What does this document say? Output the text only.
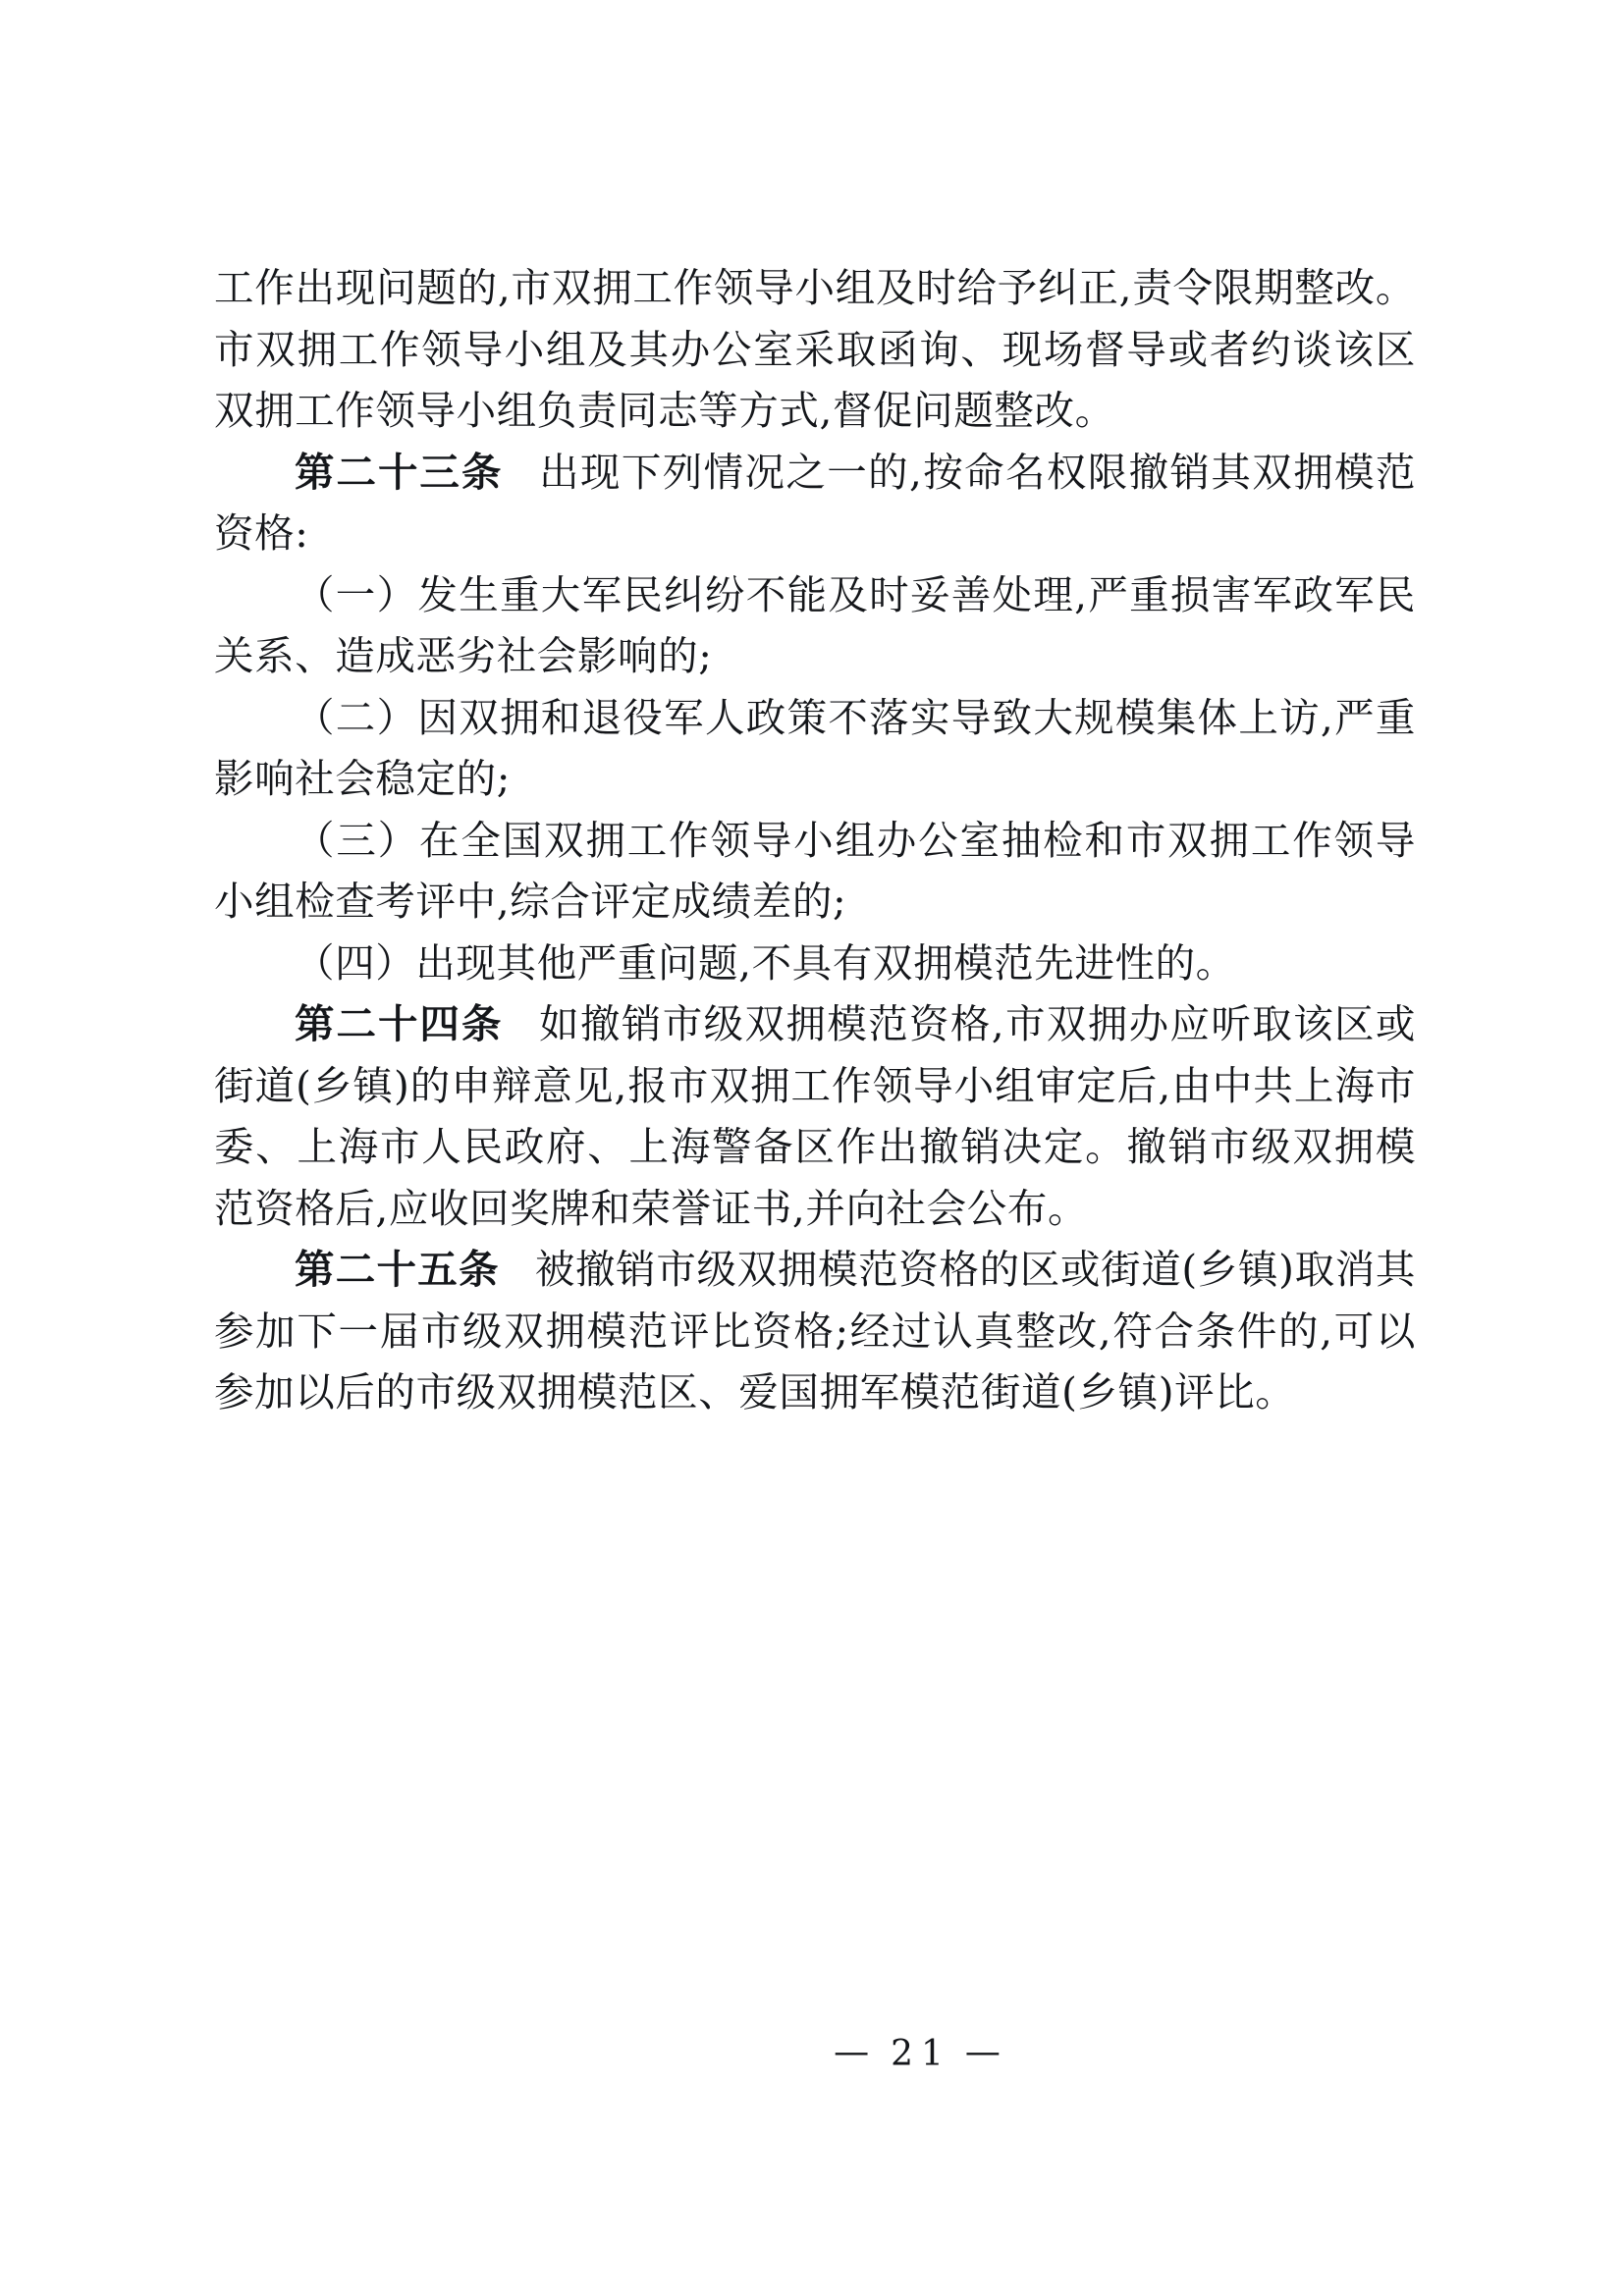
工作出现问题的,市双拥工作领导小组及时给予纠正,责令限期整改。市双拥工作领导小组及其办公室采取函询、现场督导或者约谈该区双拥工作领导小组负责同志等方式,督促问题整改。

第二十三条 出现下列情况之一的,按命名权限撤销其双拥模范资格:

（一）发生重大军民纠纷不能及时妥善处理,严重损害军政军民关系、造成恶劣社会影响的;

（二）因双拥和退役军人政策不落实导致大规模集体上访,严重影响社会稳定的;

（三）在全国双拥工作领导小组办公室抽检和市双拥工作领导小组检查考评中,综合评定成绩差的;

（四）出现其他严重问题,不具有双拥模范先进性的。

第二十四条 如撤销市级双拥模范资格,市双拥办应听取该区或街道(乡镇)的申辩意见,报市双拥工作领导小组审定后,由中共上海市委、上海市人民政府、上海警备区作出撤销决定。撤销市级双拥模范资格后,应收回奖牌和荣誉证书,并向社会公布。

第二十五条 被撤销市级双拥模范资格的区或街道(乡镇)取消其参加下一届市级双拥模范评比资格;经过认真整改,符合条件的,可以参加以后的市级双拥模范区、爱国拥军模范街道(乡镇)评比。

— 21 —
